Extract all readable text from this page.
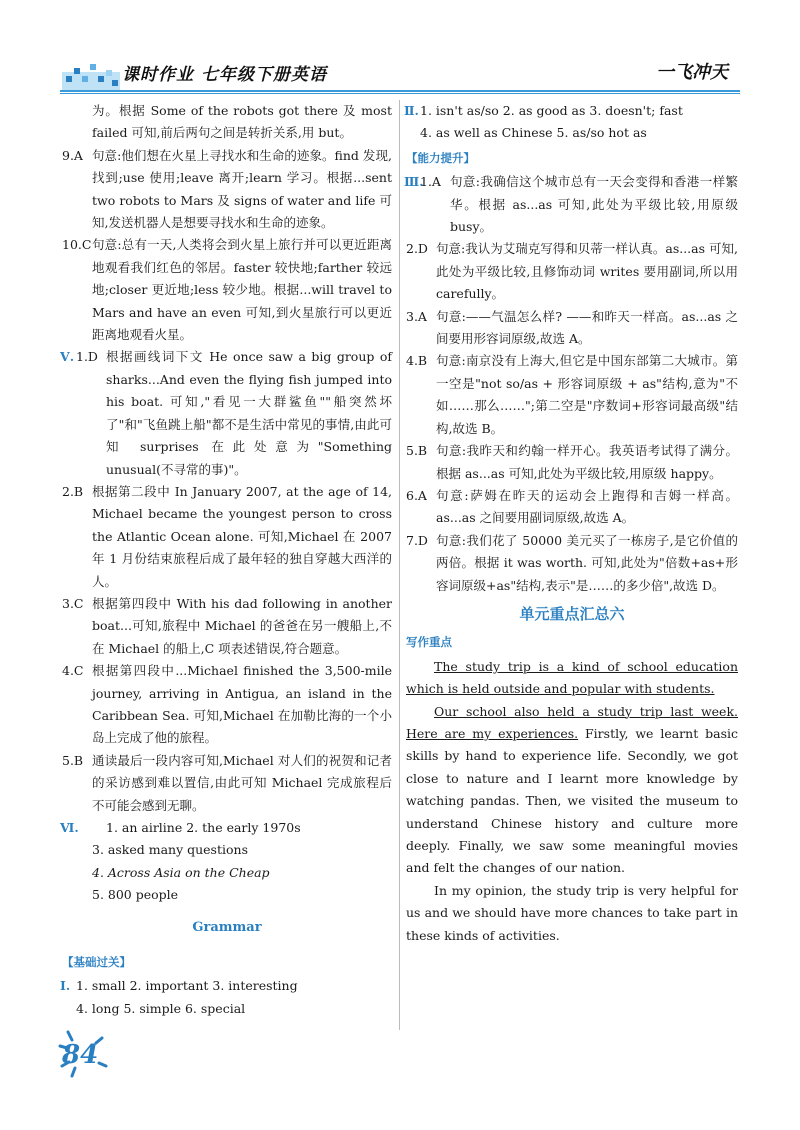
课时作业 七年级下册英语	一飞冲天

为。根据 Some of the robots got there 及 most failed 可知,前后两句之间是转折关系,用 but。

9.A 句意:他们想在火星上寻找水和生命的迹象。find 发现,找到;use 使用;leave 离开;learn 学习。根据...sent two robots to Mars 及 signs of water and life 可知,发送机器人是想要寻找水和生命的迹象。
10.C 句意:总有一天,人类将会到火星上旅行并可以更近距离地观看我们红色的邻居。faster 较快地;farther 较远地;closer 更近地;less 较少地。根据...will travel to Mars and have an even 可知,到火星旅行可以更近距离地观看火星。
Ⅴ. 1.D 根据画线词下文 He once saw a big group of sharks...And even the flying fish jumped into his boat. 可知,"看见一大群鲨鱼""船突然坏了"和"飞鱼跳上船"都不是生活中常见的事情,由此可知 surprises 在此处意为"Something unusual(不寻常的事)"。
2.B 根据第二段中 In January 2007, at the age of 14, Michael became the youngest person to cross the Atlantic Ocean alone. 可知,Michael 在 2007 年 1 月份结束旅程后成了最年轻的独自穿越大西洋的人。
3.C 根据第四段中 With his dad following in another boat...可知,旅程中 Michael 的爸爸在另一艘船上,不在 Michael 的船上,C 项表述错误,符合题意。
4.C 根据第四段中...Michael finished the 3,500-mile journey, arriving in Antigua, an island in the Caribbean Sea. 可知,Michael 在加勒比海的一个小岛上完成了他的旅程。
5.B 通读最后一段内容可知,Michael 对人们的祝贺和记者的采访感到难以置信,由此可知 Michael 完成旅程后不可能会感到无聊。
Ⅵ. 1. an airline 2. the early 1970s

3. asked many questions

4. Across Asia on the Cheap

5. 800 people

Grammar
【基础过关】
Ⅰ. 1. small 2. important 3. interesting

4. long 5. simple 6. special

Ⅱ. 1. isn't as/so 2. as good as 3. doesn't; fast

4. as well as Chinese 5. as/so hot as

【能力提升】
Ⅲ.
1.A 句意:我确信这个城市总有一天会变得和香港一样繁华。根据 as...as 可知,此处为平级比较,用原级 busy。
2.D 句意:我认为艾瑞克写得和贝蒂一样认真。as...as 可知,此处为平级比较,且修饰动词 writes 要用副词,所以用 carefully。
3.A 句意:——气温怎么样? ——和昨天一样高。as...as 之间要用形容词原级,故选 A。
4.B 句意:南京没有上海大,但它是中国东部第二大城市。第一空是"not so/as + 形容词原级 + as"结构,意为"不如……那么……";第二空是"序数词+形容词最高级"结构,故选 B。
5.B 句意:我昨天和约翰一样开心。我英语考试得了满分。根据 as...as 可知,此处为平级比较,用原级 happy。
6.A 句意:萨姆在昨天的运动会上跑得和吉姆一样高。as...as 之间要用副词原级,故选 A。
7.D 句意:我们花了 50000 美元买了一栋房子,是它价值的两倍。根据 it was worth. 可知,此处为"倍数+as+形容词原级+as"结构,表示"是……的多少倍",故选 D。
单元重点汇总六
写作重点

The study trip is a kind of school education which is held outside and popular with students.

Our school also held a study trip last week. Here are my experiences. Firstly, we learnt basic skills by hand to experience life. Secondly, we got close to nature and I learnt more knowledge by watching pandas. Then, we visited the museum to understand Chinese history and culture more deeply. Finally, we saw some meaningful movies and felt the changes of our nation.

In my opinion, the study trip is very helpful for us and we should have more chances to take part in these kinds of activities.

84
